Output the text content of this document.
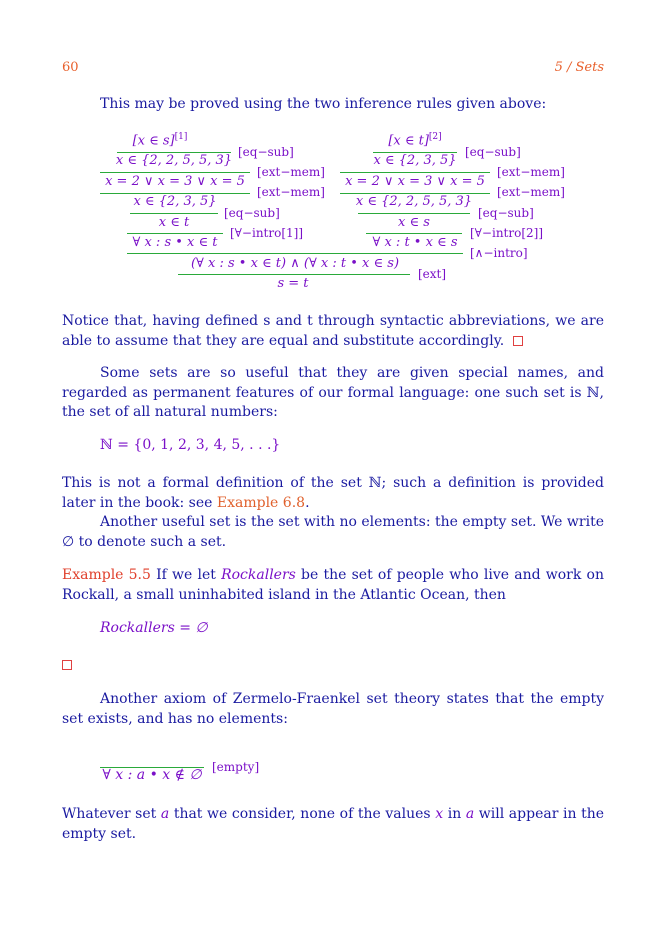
60	5 / Sets

This may be proved using the two inference rules given above:

[x ∈ s][1]
[eq−sub]
x ∈ {2, 2, 5, 5, 3}
[ext−mem]
x = 2 ∨ x = 3 ∨ x = 5
[ext−mem]
x ∈ {2, 3, 5}
[eq−sub]
x ∈ t
[∀−intro[1]]
∀ x : s • x ∈ t
[x ∈ t][2]
[eq−sub]
x ∈ {2, 3, 5}
[ext−mem]
x = 2 ∨ x = 3 ∨ x = 5
[ext−mem]
x ∈ {2, 2, 5, 5, 3}
[eq−sub]
x ∈ s
[∀−intro[2]]
∀ x : t • x ∈ s
[∧−intro]
(∀ x : s • x ∈ t) ∧ (∀ x : t • x ∈ s)
[ext]
s = t

Notice that, having defined s and t through syntactic abbreviations, we are able to assume that they are equal and substitute accordingly.

Some sets are so useful that they are given special names, and regarded as permanent features of our formal language: one such set is ℕ, the set of all natural numbers:

ℕ = {0, 1, 2, 3, 4, 5, . . .}

This is not a formal definition of the set ℕ; such a definition is provided later in the book: see Example 6.8.

Another useful set is the set with no elements: the empty set. We write ∅ to denote such a set.

Example 5.5 If we let Rockallers be the set of people who live and work on Rockall, a small uninhabited island in the Atlantic Ocean, then

Rockallers = ∅

Another axiom of Zermelo-Fraenkel set theory states that the empty set exists, and has no elements:

[empty]
∀ x : a • x ∉ ∅

Whatever set a that we consider, none of the values x in a will appear in the empty set.
